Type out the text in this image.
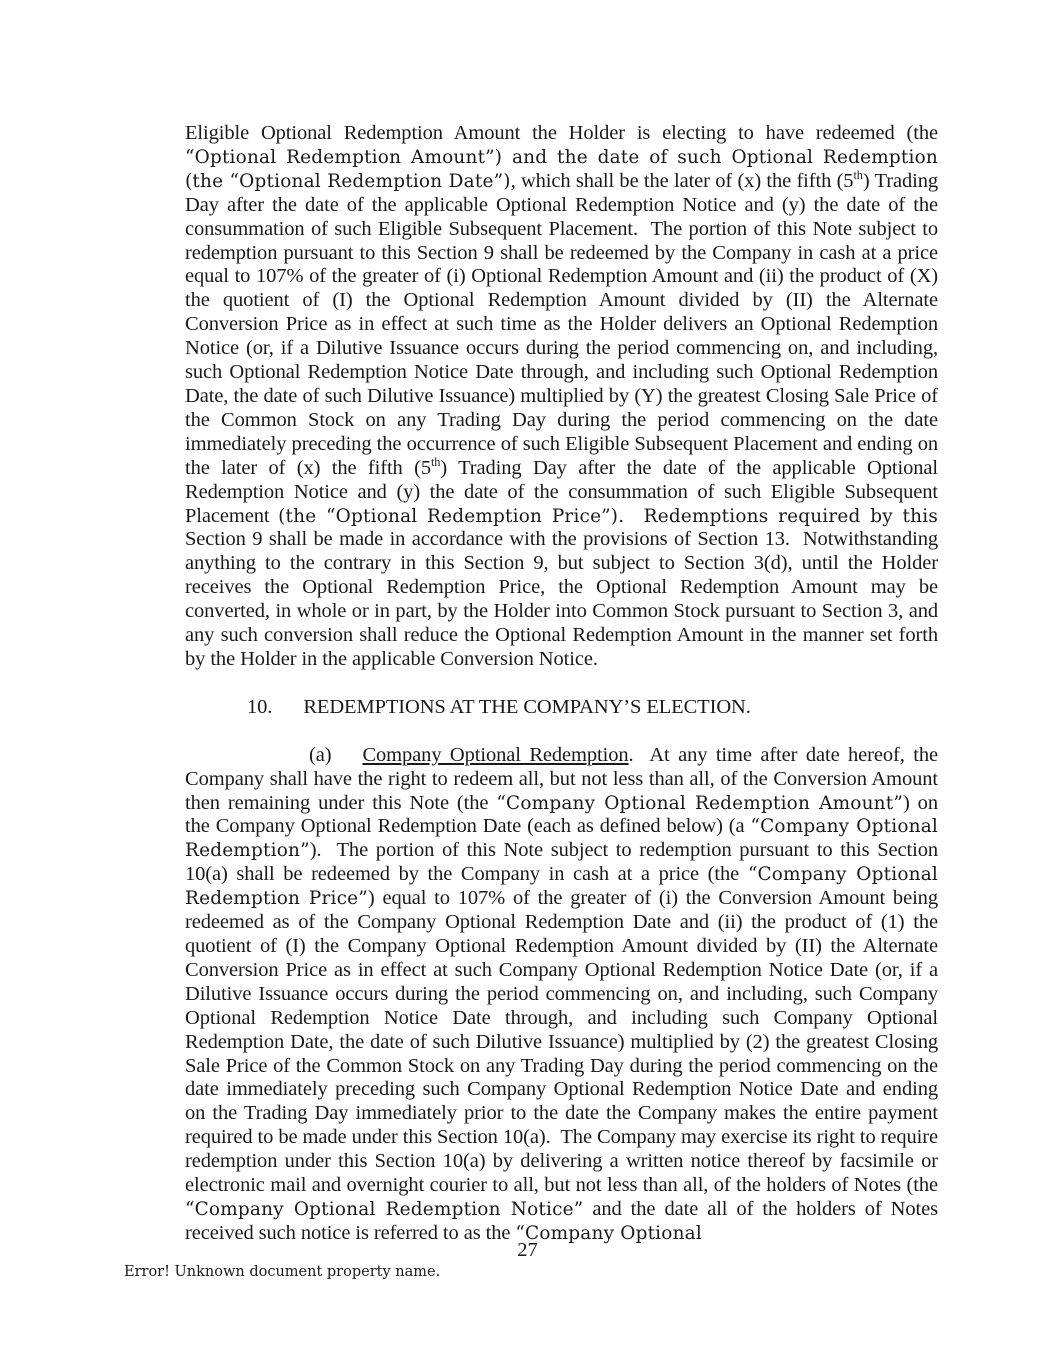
Eligible Optional Redemption Amount the Holder is electing to have redeemed (the “Optional Redemption Amount”) and the date of such Optional Redemption (the “Optional Redemption Date”), which shall be the later of (x) the fifth (5th) Trading Day after the date of the applicable Optional Redemption Notice and (y) the date of the consummation of such Eligible Subsequent Placement.  The portion of this Note subject to redemption pursuant to this Section 9 shall be redeemed by the Company in cash at a price equal to 107% of the greater of (i) Optional Redemption Amount and (ii) the product of (X) the quotient of (I) the Optional Redemption Amount divided by (II) the Alternate Conversion Price as in effect at such time as the Holder delivers an Optional Redemption Notice (or, if a Dilutive Issuance occurs during the period commencing on, and including, such Optional Redemption Notice Date through, and including such Optional Redemption Date, the date of such Dilutive Issuance) multiplied by (Y) the greatest Closing Sale Price of the Common Stock on any Trading Day during the period commencing on the date immediately preceding the occurrence of such Eligible Subsequent Placement and ending on the later of (x) the fifth (5th) Trading Day after the date of the applicable Optional Redemption Notice and (y) the date of the consummation of such Eligible Subsequent Placement (the “Optional Redemption Price”).  Redemptions required by this Section 9 shall be made in accordance with the provisions of Section 13.  Notwithstanding anything to the contrary in this Section 9, but subject to Section 3(d), until the Holder receives the Optional Redemption Price, the Optional Redemption Amount may be converted, in whole or in part, by the Holder into Common Stock pursuant to Section 3, and any such conversion shall reduce the Optional Redemption Amount in the manner set forth by the Holder in the applicable Conversion Notice.

10. REDEMPTIONS AT THE COMPANY’S ELECTION.

(a) Company Optional Redemption.  At any time after date hereof, the Company shall have the right to redeem all, but not less than all, of the Conversion Amount then remaining under this Note (the “Company Optional Redemption Amount”) on the Company Optional Redemption Date (each as defined below) (a “Company Optional Redemption”).  The portion of this Note subject to redemption pursuant to this Section 10(a) shall be redeemed by the Company in cash at a price (the “Company Optional Redemption Price”) equal to 107% of the greater of (i) the Conversion Amount being redeemed as of the Company Optional Redemption Date and (ii) the product of (1) the quotient of (I) the Company Optional Redemption Amount divided by (II) the Alternate Conversion Price as in effect at such Company Optional Redemption Notice Date (or, if a Dilutive Issuance occurs during the period commencing on, and including, such Company Optional Redemption Notice Date through, and including such Company Optional Redemption Date, the date of such Dilutive Issuance) multiplied by (2) the greatest Closing Sale Price of the Common Stock on any Trading Day during the period commencing on the date immediately preceding such Company Optional Redemption Notice Date and ending on the Trading Day immediately prior to the date the Company makes the entire payment required to be made under this Section 10(a).  The Company may exercise its right to require redemption under this Section 10(a) by delivering a written notice thereof by facsimile or electronic mail and overnight courier to all, but not less than all, of the holders of Notes (the “Company Optional Redemption Notice” and the date all of the holders of Notes received such notice is referred to as the “Company Optional

27
Error! Unknown document property name.
